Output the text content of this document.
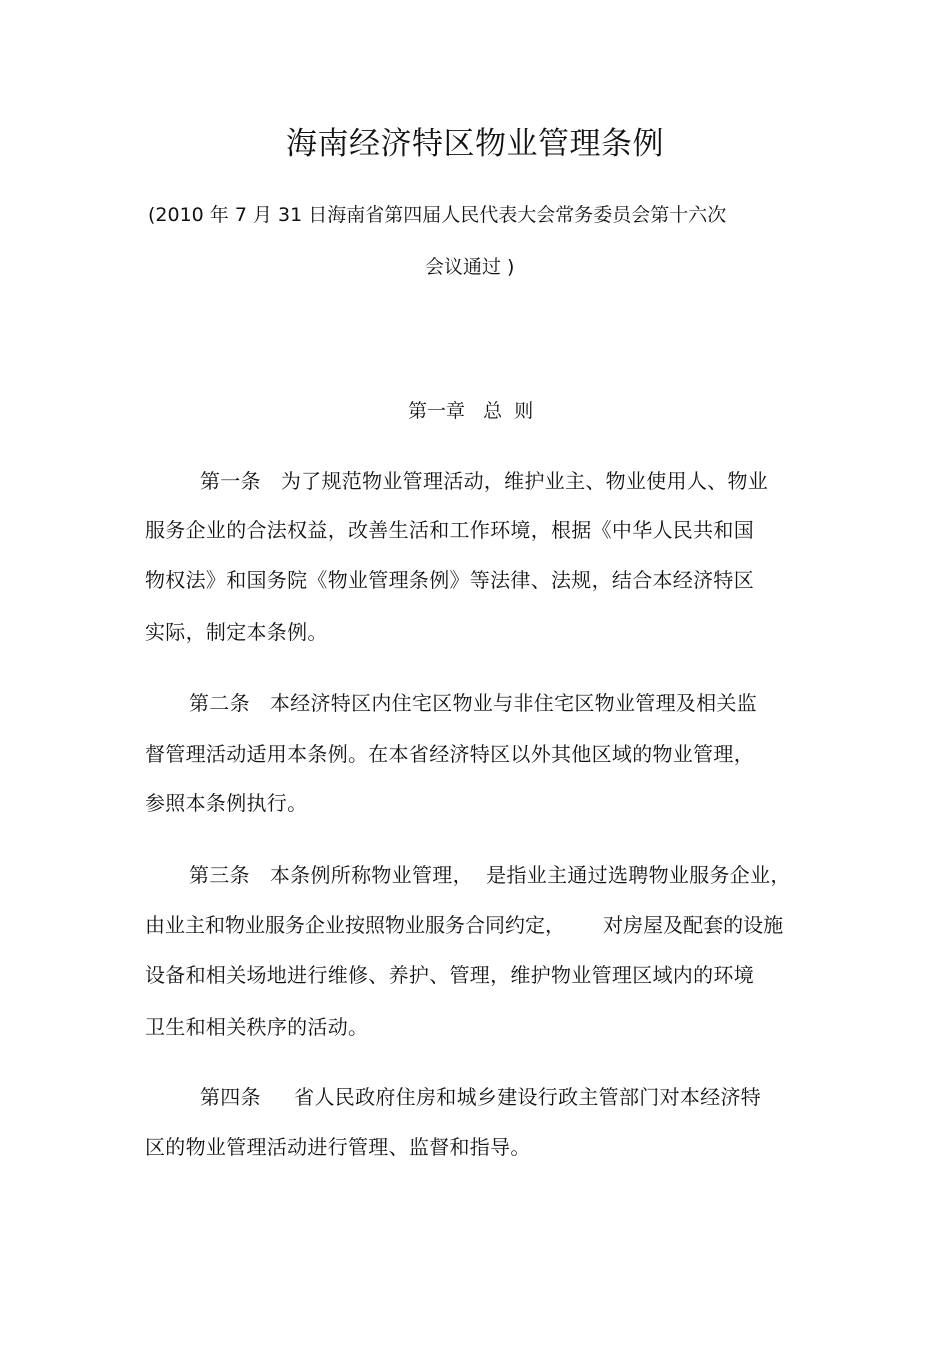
海南经济特区物业管理条例
(2010 年 7 月 31 日海南省第四届人民代表大会常务委员会第十六次
会议通过 )
第一章   总  则
第一条   为了规范物业管理活动，维护业主、物业使用人、物业
服务企业的合法权益，改善生活和工作环境，根据《中华人民共和国
物权法》和国务院《物业管理条例》等法律、法规，结合本经济特区
实际，制定本条例。
第二条   本经济特区内住宅区物业与非住宅区物业管理及相关监
督管理活动适用本条例。在本省经济特区以外其他区域的物业管理，
参照本条例执行。
第三条   本条例所称物业管理，  是指业主通过选聘物业服务企业，
由业主和物业服务企业按照物业服务合同约定，      对房屋及配套的设施
设备和相关场地进行维修、养护、管理，维护物业管理区域内的环境
卫生和相关秩序的活动。
第四条     省人民政府住房和城乡建设行政主管部门对本经济特
区的物业管理活动进行管理、监督和指导。
